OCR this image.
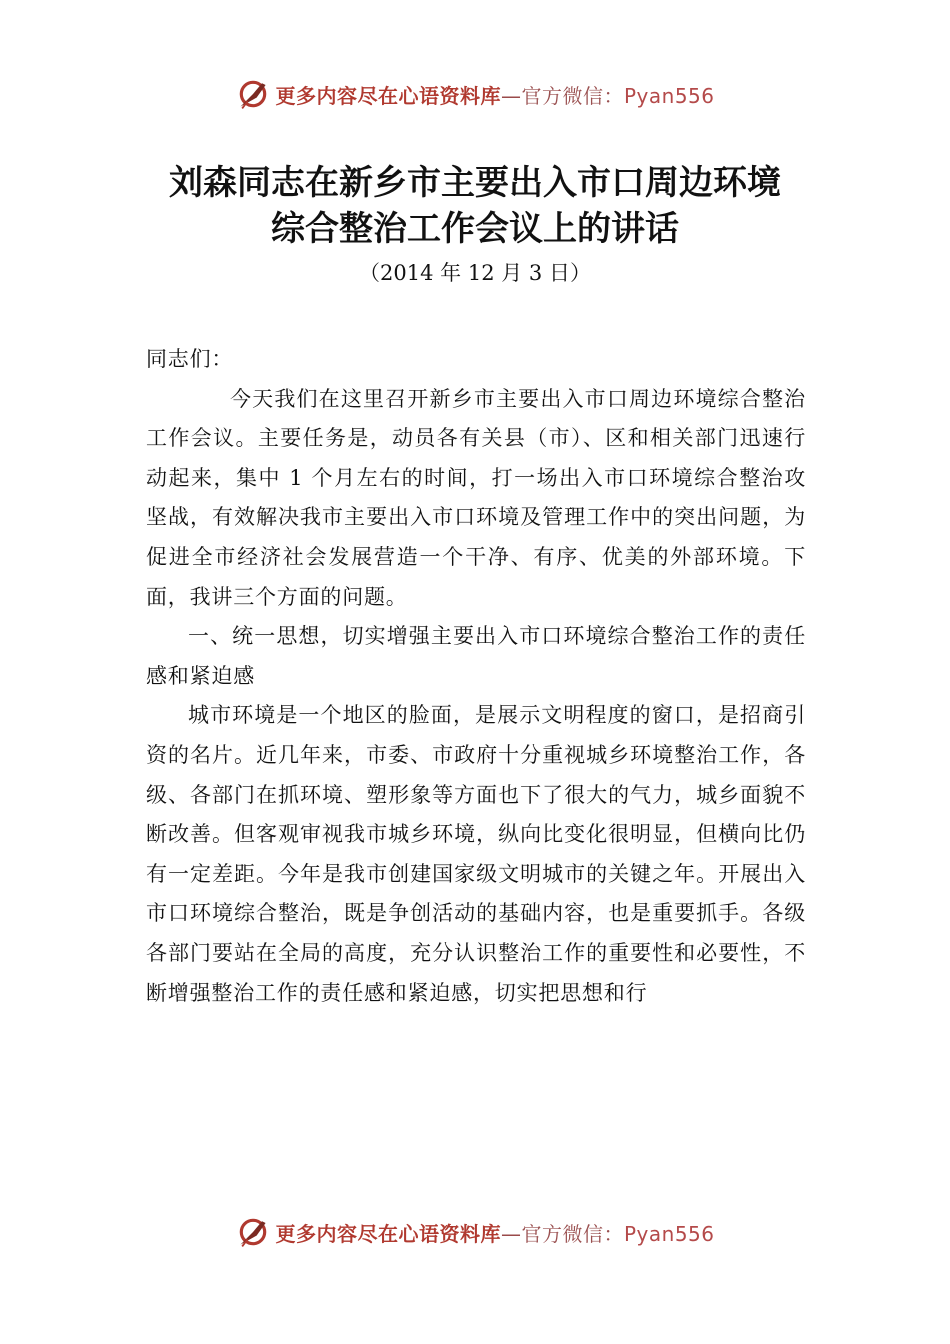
更多内容尽在心语资料库—官方微信：Pyan556
刘森同志在新乡市主要出入市口周边环境
综合整治工作会议上的讲话
（2014 年 12 月 3 日）

同志们：

今天我们在这里召开新乡市主要出入市口周边环境综合整治工作会议。主要任务是，动员各有关县（市）、区和相关部门迅速行动起来，集中 1 个月左右的时间，打一场出入市口环境综合整治攻坚战，有效解决我市主要出入市口环境及管理工作中的突出问题，为促进全市经济社会发展营造一个干净、有序、优美的外部环境。下面，我讲三个方面的问题。

一、统一思想，切实增强主要出入市口环境综合整治工作的责任感和紧迫感

城市环境是一个地区的脸面，是展示文明程度的窗口，是招商引资的名片。近几年来，市委、市政府十分重视城乡环境整治工作，各级、各部门在抓环境、塑形象等方面也下了很大的气力，城乡面貌不断改善。但客观审视我市城乡环境，纵向比变化很明显，但横向比仍有一定差距。今年是我市创建国家级文明城市的关键之年。开展出入市口环境综合整治，既是争创活动的基础内容，也是重要抓手。各级各部门要站在全局的高度，充分认识整治工作的重要性和必要性，不断增强整治工作的责任感和紧迫感，切实把思想和行

更多内容尽在心语资料库—官方微信：Pyan556
